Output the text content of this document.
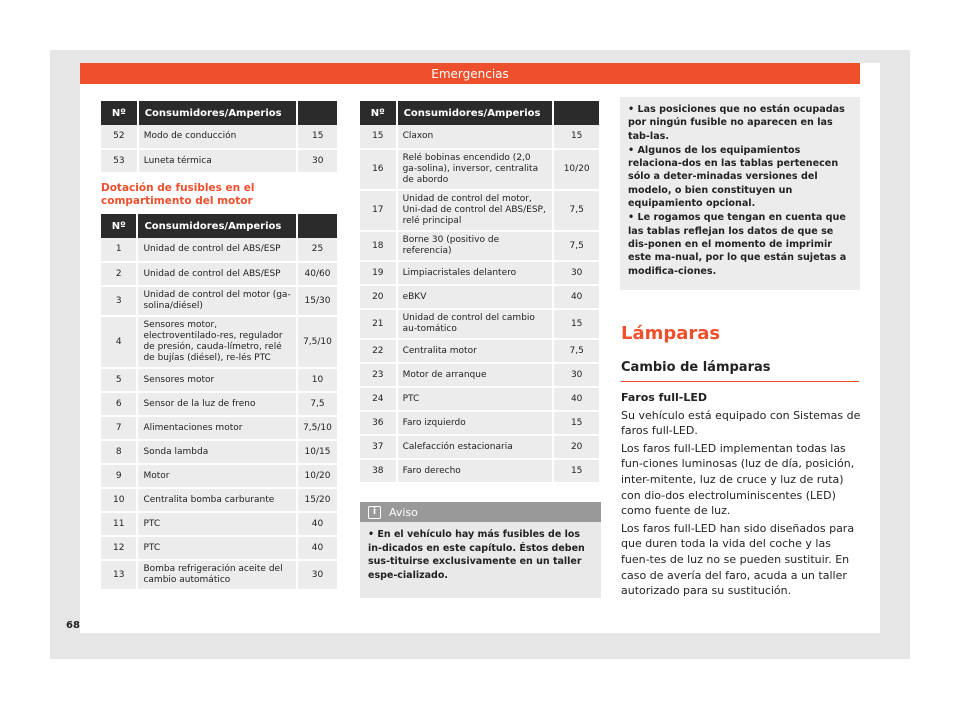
Emergencias
Nº	Consumidores/Amperios	
52	Modo de conducción	15
53	Luneta térmica	30
Dotación de fusibles en el compartimento del motor
Nº	Consumidores/Amperios	
1	Unidad de control del ABS/ESP	25
2	Unidad de control del ABS/ESP	40/60
3	Unidad de control del motor (ga-solina/diésel)	15/30
4	Sensores motor, electroventilado-res, regulador de presión, cauda-límetro, relé de bujías (diésel), re-lés PTC	7,5/10
5	Sensores motor	10
6	Sensor de la luz de freno	7,5
7	Alimentaciones motor	7,5/10
8	Sonda lambda	10/15
9	Motor	10/20
10	Centralita bomba carburante	15/20
11	PTC	40
12	PTC	40
13	Bomba refrigeración aceite del cambio automático	30
Nº	Consumidores/Amperios	
15	Claxon	15
16	Relé bobinas encendido (2,0 ga-solina), inversor, centralita de abordo	10/20
17	Unidad de control del motor, Uni-dad de control del ABS/ESP, relé principal	7,5
18	Borne 30 (positivo de referencia)	7,5
19	Limpiacristales delantero	30
20	eBKV	40
21	Unidad de control del cambio au-tomático	15
22	Centralita motor	7,5
23	Motor de arranque	30
24	PTC	40
36	Faro izquierdo	15
37	Calefacción estacionaria	20
38	Faro derecho	15
i	Aviso
• En el vehículo hay más fusibles de los in-dicados en este capítulo. Éstos deben sus-tituirse exclusivamente en un taller espe-cializado.
• Las posiciones que no están ocupadas por ningún fusible no aparecen en las tab-las.
• Algunos de los equipamientos relaciona-dos en las tablas pertenecen sólo a deter-minadas versiones del modelo, o bien constituyen un equipamiento opcional.
• Le rogamos que tengan en cuenta que las tablas reflejan los datos de que se dis-ponen en el momento de imprimir este ma-nual, por lo que están sujetas a modifica-ciones.
Lámparas
Cambio de lámparas

Faros full-LED

Su vehículo está equipado con Sistemas de faros full-LED.

Los faros full-LED implementan todas las fun-ciones luminosas (luz de día, posición, inter-mitente, luz de cruce y luz de ruta) con dio-dos electroluminiscentes (LED) como fuente de luz.

Los faros full-LED han sido diseñados para que duren toda la vida del coche y las fuen-tes de luz no se pueden sustituir. En caso de avería del faro, acuda a un taller autorizado para su sustitución.

68
